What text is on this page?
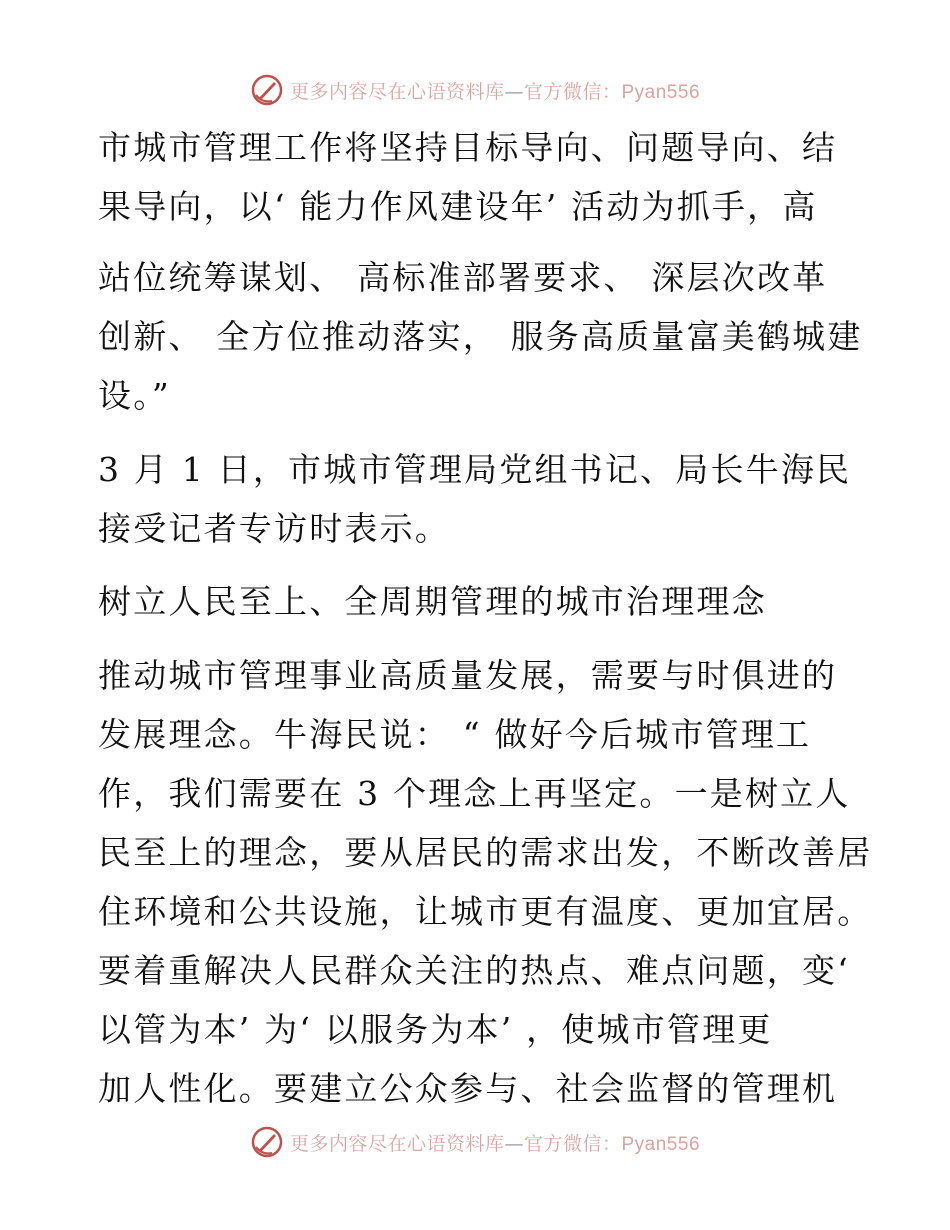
更多内容尽在心语资料库—官方微信：Pyan556
市城市管理工作将坚持目标导向、问题导向、结
果导向，以‘ 能力作风建设年’ 活动为抓手，高
站位统筹谋划、 高标准部署要求、 深层次改革
创新、 全方位推动落实， 服务高质量富美鹤城建
设。”
3 月 1 日，市城市管理局党组书记、局长牛海民
接受记者专访时表示。
树立人民至上、全周期管理的城市治理理念
推动城市管理事业高质量发展，需要与时俱进的
发展理念。牛海民说： “ 做好今后城市管理工
作，我们需要在 3 个理念上再坚定。一是树立人
民至上的理念，要从居民的需求出发，不断改善居
住环境和公共设施，让城市更有温度、更加宜居。
要着重解决人民群众关注的热点、难点问题，变‘
以管为本’ 为‘ 以服务为本’ ，使城市管理更
加人性化。要建立公众参与、社会监督的管理机
更多内容尽在心语资料库—官方微信：Pyan556
